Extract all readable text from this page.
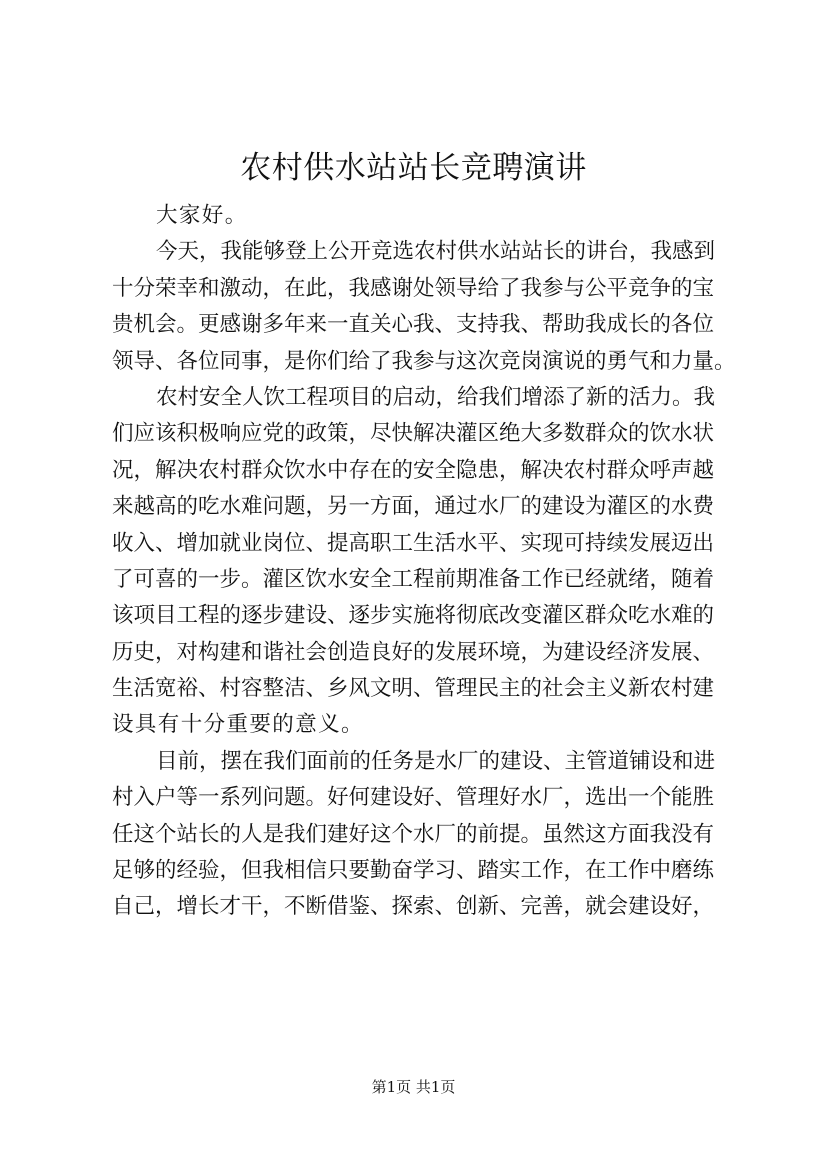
农村供水站站长竞聘演讲
大家好。
今天，我能够登上公开竞选农村供水站站长的讲台，我感到
十分荣幸和激动，在此，我感谢处领导给了我参与公平竞争的宝
贵机会。更感谢多年来一直关心我、支持我、帮助我成长的各位
领导、各位同事，是你们给了我参与这次竞岗演说的勇气和力量。
农村安全人饮工程项目的启动，给我们增添了新的活力。我
们应该积极响应党的政策，尽快解决灌区绝大多数群众的饮水状
况，解决农村群众饮水中存在的安全隐患，解决农村群众呼声越
来越高的吃水难问题，另一方面，通过水厂的建设为灌区的水费
收入、增加就业岗位、提高职工生活水平、实现可持续发展迈出
了可喜的一步。灌区饮水安全工程前期准备工作已经就绪，随着
该项目工程的逐步建设、逐步实施将彻底改变灌区群众吃水难的
历史，对构建和谐社会创造良好的发展环境，为建设经济发展、
生活宽裕、村容整洁、乡风文明、管理民主的社会主义新农村建
设具有十分重要的意义。
目前，摆在我们面前的任务是水厂的建设、主管道铺设和进
村入户等一系列问题。好何建设好、管理好水厂，选出一个能胜
任这个站长的人是我们建好这个水厂的前提。虽然这方面我没有
足够的经验，但我相信只要勤奋学习、踏实工作，在工作中磨练
自己，增长才干，不断借鉴、探索、创新、完善，就会建设好，
第1页 共1页
